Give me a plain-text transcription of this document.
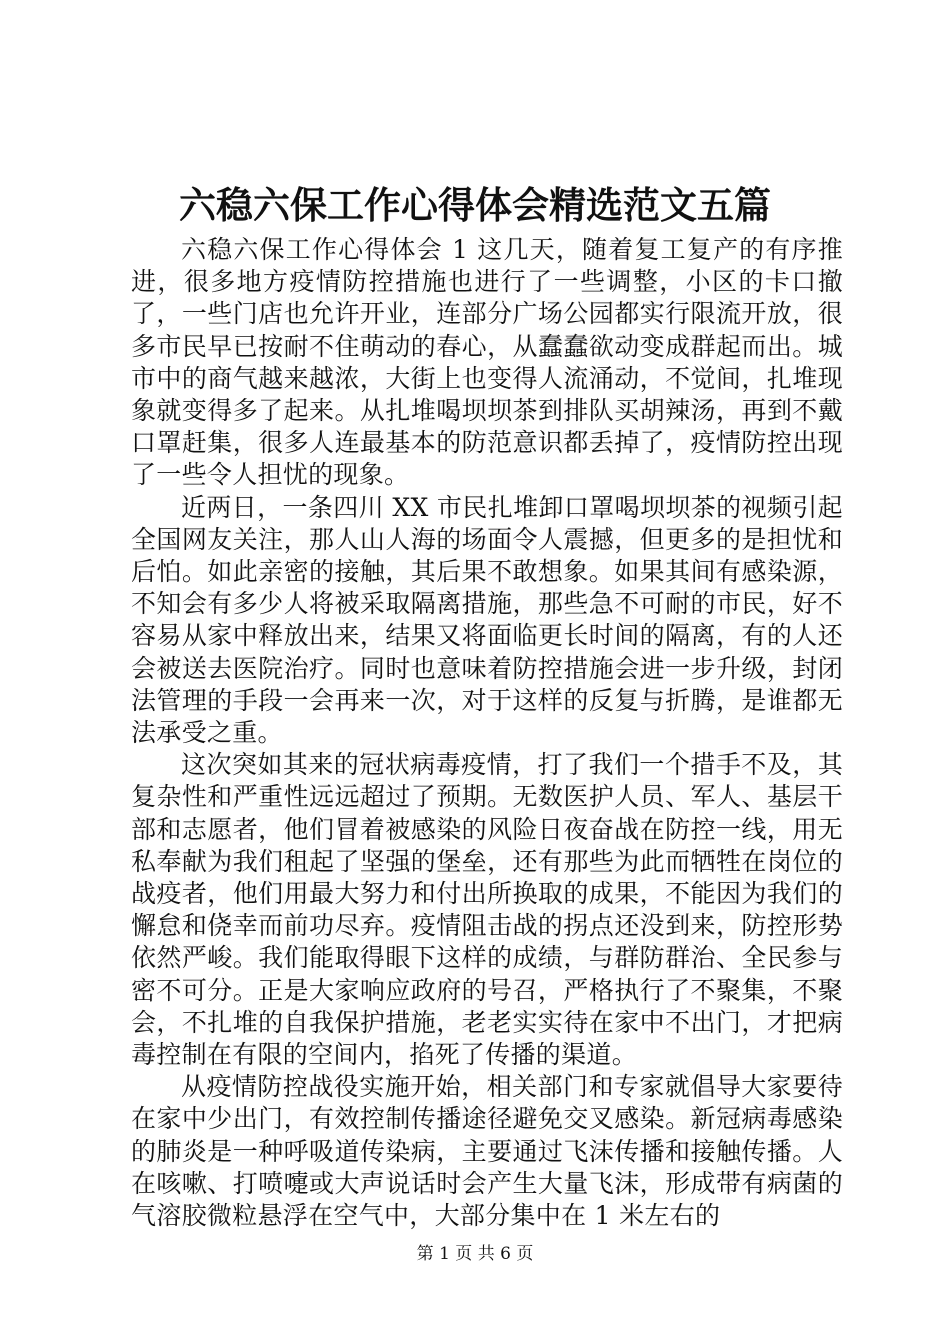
六稳六保工作心得体会精选范文五篇

六稳六保工作心得体会 1 这几天，随着复工复产的有序推进，很多地方疫情防控措施也进行了一些调整，小区的卡口撤了，一些门店也允许开业，连部分广场公园都实行限流开放，很多市民早已按耐不住萌动的春心，从蠢蠢欲动变成群起而出。城市中的商气越来越浓，大街上也变得人流涌动，不觉间，扎堆现象就变得多了起来。从扎堆喝坝坝茶到排队买胡辣汤，再到不戴口罩赶集，很多人连最基本的防范意识都丢掉了，疫情防控出现了一些令人担忧的现象。

近两日，一条四川 XX 市民扎堆卸口罩喝坝坝茶的视频引起全国网友关注，那人山人海的场面令人震撼，但更多的是担忧和后怕。如此亲密的接触，其后果不敢想象。如果其间有感染源，不知会有多少人将被采取隔离措施，那些急不可耐的市民，好不容易从家中释放出来，结果又将面临更长时间的隔离，有的人还会被送去医院治疗。同时也意味着防控措施会进一步升级，封闭法管理的手段一会再来一次，对于这样的反复与折腾，是谁都无法承受之重。

这次突如其来的冠状病毒疫情，打了我们一个措手不及，其复杂性和严重性远远超过了预期。无数医护人员、军人、基层干部和志愿者，他们冒着被感染的风险日夜奋战在防控一线，用无私奉献为我们租起了坚强的堡垒，还有那些为此而牺牲在岗位的战疫者，他们用最大努力和付出所换取的成果，不能因为我们的懈怠和侥幸而前功尽弃。疫情阻击战的拐点还没到来，防控形势依然严峻。我们能取得眼下这样的成绩，与群防群治、全民参与密不可分。正是大家响应政府的号召，严格执行了不聚集，不聚会，不扎堆的自我保护措施，老老实实待在家中不出门，才把病毒控制在有限的空间内，掐死了传播的渠道。

从疫情防控战役实施开始，相关部门和专家就倡导大家要待在家中少出门，有效控制传播途径避免交叉感染。新冠病毒感染的肺炎是一种呼吸道传染病，主要通过飞沫传播和接触传播。人在咳嗽、打喷嚏或大声说话时会产生大量飞沫，形成带有病菌的气溶胶微粒悬浮在空气中，大部分集中在 1 米左右的

第 1 页 共 6 页
